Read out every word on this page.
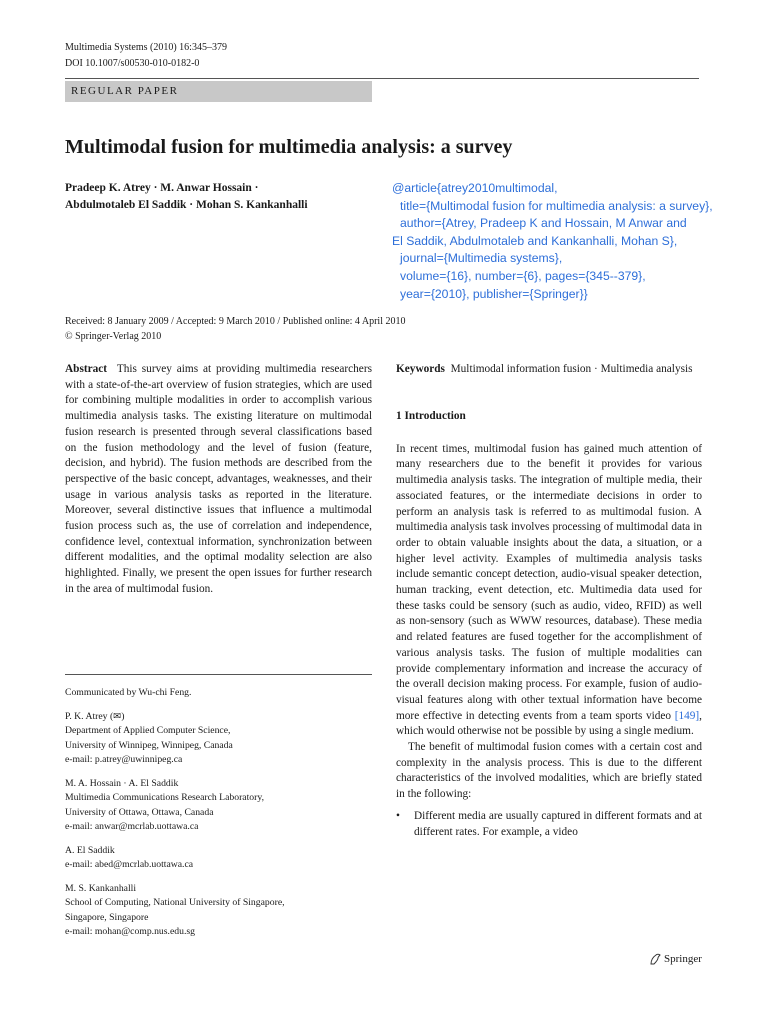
Multimedia Systems (2010) 16:345–379
DOI 10.1007/s00530-010-0182-0
REGULAR PAPER
Multimodal fusion for multimedia analysis: a survey
Pradeep K. Atrey · M. Anwar Hossain ·
Abdulmotaleb El Saddik · Mohan S. Kankanhalli
@article{atrey2010multimodal,
title={Multimodal fusion for multimedia analysis: a survey},
author={Atrey, Pradeep K and Hossain, M Anwar and
El Saddik, Abdulmotaleb and Kankanhalli, Mohan S},
journal={Multimedia systems},
volume={16}, number={6}, pages={345--379},
year={2010}, publisher={Springer}}
Received: 8 January 2009 / Accepted: 9 March 2010 / Published online: 4 April 2010
© Springer-Verlag 2010

Abstract This survey aims at providing multimedia researchers with a state-of-the-art overview of fusion strategies, which are used for combining multiple modalities in order to accomplish various multimedia analysis tasks. The existing literature on multimodal fusion research is presented through several classifications based on the fusion methodology and the level of fusion (feature, decision, and hybrid). The fusion methods are described from the perspective of the basic concept, advantages, weaknesses, and their usage in various analysis tasks as reported in the literature. Moreover, several distinctive issues that influence a multimodal fusion process such as, the use of correlation and independence, confidence level, contextual information, synchronization between different modalities, and the optimal modality selection are also highlighted. Finally, we present the open issues for further research in the area of multimodal fusion.

Communicated by Wu-chi Feng.

P. K. Atrey (✉)
Department of Applied Computer Science,
University of Winnipeg, Winnipeg, Canada
e-mail: p.atrey@uwinnipeg.ca

M. A. Hossain · A. El Saddik
Multimedia Communications Research Laboratory,
University of Ottawa, Ottawa, Canada
e-mail: anwar@mcrlab.uottawa.ca

A. El Saddik
e-mail: abed@mcrlab.uottawa.ca

M. S. Kankanhalli
School of Computing, National University of Singapore,
Singapore, Singapore
e-mail: mohan@comp.nus.edu.sg

Keywords Multimodal information fusion · Multimedia analysis

1 Introduction

In recent times, multimodal fusion has gained much attention of many researchers due to the benefit it provides for various multimedia analysis tasks. The integration of multiple media, their associated features, or the intermediate decisions in order to perform an analysis task is referred to as multimodal fusion. A multimedia analysis task involves processing of multimodal data in order to obtain valuable insights about the data, a situation, or a higher level activity. Examples of multimedia analysis tasks include semantic concept detection, audio-visual speaker detection, human tracking, event detection, etc. Multimedia data used for these tasks could be sensory (such as audio, video, RFID) as well as non-sensory (such as WWW resources, database). These media and related features are fused together for the accomplishment of various analysis tasks. The fusion of multiple modalities can provide complementary information and increase the accuracy of the overall decision making process. For example, fusion of audio-visual features along with other textual information have become more effective in detecting events from a team sports video [149], which would otherwise not be possible by using a single medium.

The benefit of multimodal fusion comes with a certain cost and complexity in the analysis process. This is due to the different characteristics of the involved modalities, which are briefly stated in the following:

•	Different media are usually captured in different formats and at different rates. For example, a video

Springer
